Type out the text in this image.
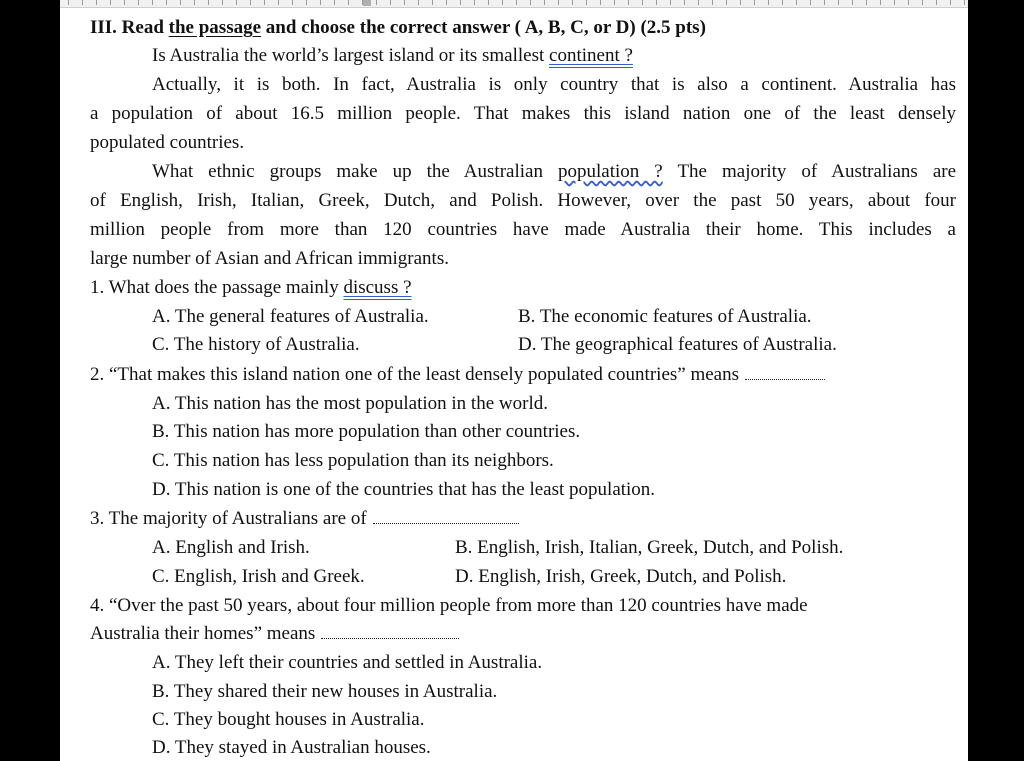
III. Read the passage and choose the correct answer ( A, B, C, or D) (2.5 pts)
Is Australia the world’s largest island or its smallest continent ?
Actually, it is both. In fact, Australia is only country that is also a continent. Australia has
a population of about 16.5 million people. That makes this island nation one of the least densely
populated countries.
What ethnic groups make up the Australian population ? The majority of Australians are
of English, Irish, Italian, Greek, Dutch, and Polish. However, over the past 50 years, about four
million people from more than 120 countries have made Australia their home. This includes a
large number of Asian and African immigrants.
1. What does the passage mainly discuss ?
A. The general features of Australia.	B. The economic features of Australia.
C. The history of Australia.	D. The geographical features of Australia.
2. “That makes this island nation one of the least densely populated countries” means
A. This nation has the most population in the world.
B. This nation has more population than other countries.
C. This nation has less population than its neighbors.
D. This nation is one of the countries that has the least population.
3. The majority of Australians are of
A. English and Irish.	B. English, Irish, Italian, Greek, Dutch, and Polish.
C. English, Irish and Greek.	D. English, Irish, Greek, Dutch, and Polish.
4. “Over the past 50 years, about four million people from more than 120 countries have made
Australia their homes” means
A. They left their countries and settled in Australia.
B. They shared their new houses in Australia.
C. They bought houses in Australia.
D. They stayed in Australian houses.
